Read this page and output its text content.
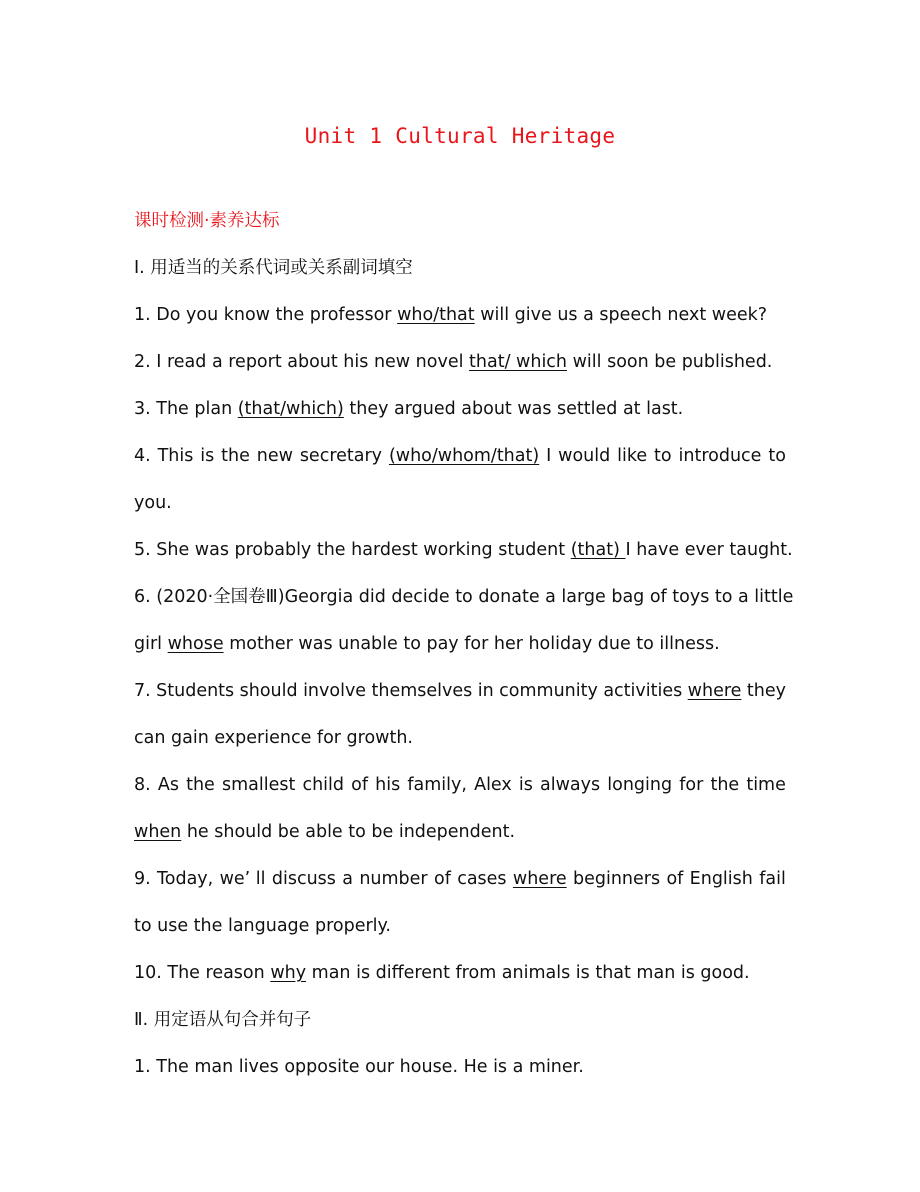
Unit 1 Cultural Heritage
课时检测·素养达标
Ⅰ. 用适当的关系代词或关系副词填空
1. Do you know the professor who/that will give us a speech next week?
2. I read a report about his new novel that/ which will soon be published.
3. The plan (that/which) they argued about was settled at last.
4. This is the new secretary (who/whom/that) I would like to introduce to
you.
5. She was probably the hardest working student (that) I have ever taught.
6. (2020·全国卷Ⅲ)Georgia did decide to donate a large bag of toys to a little
girl whose mother was unable to pay for her holiday due to illness.
7. Students should involve themselves in community activities where they
can gain experience for growth.
8. As the smallest child of his family, Alex is always longing for the time
when he should be able to be independent.
9. Today, we’ ll discuss a number of cases where beginners of English fail
to use the language properly.
10. The reason why man is different from animals is that man is good.
Ⅱ. 用定语从句合并句子
1. The man lives opposite our house. He is a miner.
